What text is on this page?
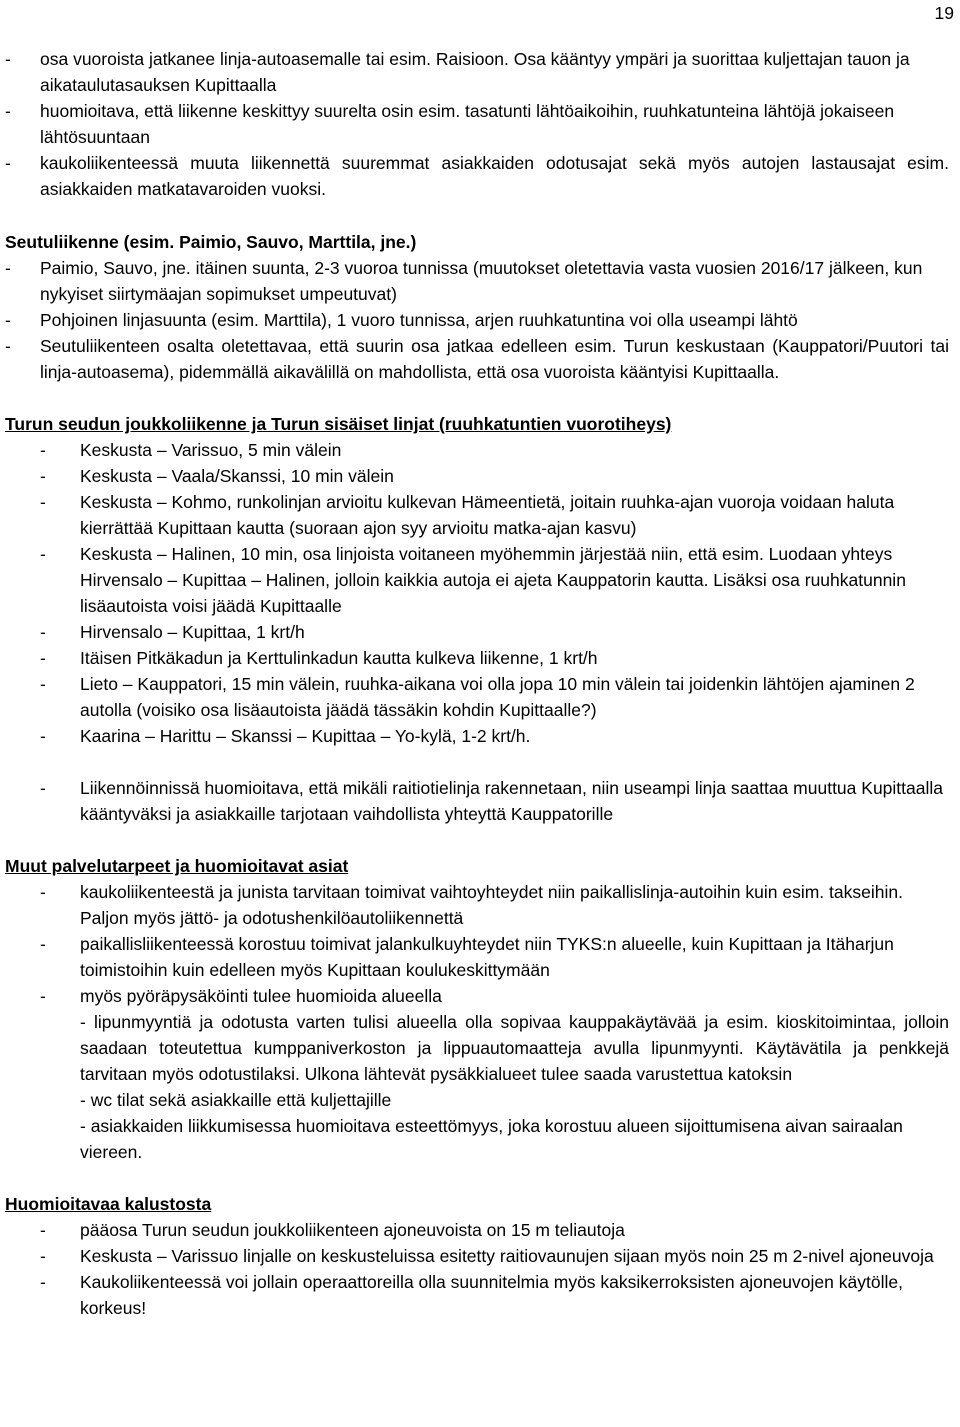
19
- osa vuoroista jatkanee linja-autoasemalle tai esim. Raisioon. Osa kääntyy ympäri ja suorittaa kuljettajan tauon ja aikataulutasauksen Kupittaalla
- huomioitava, että liikenne keskittyy suurelta osin esim. tasatunti lähtöaikoihin, ruuhkatunteina lähtöjä jokaiseen lähtösuuntaan
- kaukoliikenteessä muuta liikennettä suuremmat asiakkaiden odotusajat sekä myös autojen lastausajat esim. asiakkaiden matkatavaroiden vuoksi.

Seutuliikenne (esim. Paimio, Sauvo, Marttila, jne.)

- Paimio, Sauvo, jne. itäinen suunta, 2-3 vuoroa tunnissa (muutokset oletettavia vasta vuosien 2016/17 jälkeen, kun nykyiset siirtymäajan sopimukset umpeutuvat)
- Pohjoinen linjasuunta (esim. Marttila), 1 vuoro tunnissa, arjen ruuhkatuntina voi olla useampi lähtö
- Seutuliikenteen osalta oletettavaa, että suurin osa jatkaa edelleen esim. Turun keskustaan (Kauppatori/Puutori tai linja-autoasema), pidemmällä aikavälillä on mahdollista, että osa vuoroista kääntyisi Kupittaalla.

Turun seudun joukkoliikenne ja Turun sisäiset linjat (ruuhkatuntien vuorotiheys)

- Keskusta – Varissuo, 5 min välein
- Keskusta – Vaala/Skanssi, 10 min välein
- Keskusta – Kohmo, runkolinjan arvioitu kulkevan Hämeentietä, joitain ruuhka-ajan vuoroja voidaan haluta kierrättää Kupittaan kautta (suoraan ajon syy arvioitu matka-ajan kasvu)
- Keskusta – Halinen, 10 min, osa linjoista voitaneen myöhemmin järjestää niin, että esim. Luodaan yhteys Hirvensalo – Kupittaa – Halinen, jolloin kaikkia autoja ei ajeta Kauppatorin kautta. Lisäksi osa ruuhkatunnin lisäautoista voisi jäädä Kupittaalle
- Hirvensalo – Kupittaa, 1 krt/h
- Itäisen Pitkäkadun ja Kerttulinkadun kautta kulkeva liikenne, 1 krt/h
- Lieto – Kauppatori, 15 min välein, ruuhka-aikana voi olla jopa 10 min välein tai joidenkin lähtöjen ajaminen 2 autolla (voisiko osa lisäautoista jäädä tässäkin kohdin Kupittaalle?)
- Kaarina – Harittu – Skanssi – Kupittaa – Yo-kylä, 1-2 krt/h.
- Liikennöinnissä huomioitava, että mikäli raitiotielinja rakennetaan, niin useampi linja saattaa muuttua Kupittaalla kääntyväksi ja asiakkaille tarjotaan vaihdollista yhteyttä Kauppatorille

Muut palvelutarpeet ja huomioitavat asiat

- kaukoliikenteestä ja junista tarvitaan toimivat vaihtoyhteydet niin paikallislinja-autoihin kuin esim. takseihin. Paljon myös jättö- ja odotushenkilöautoliikennettä
- paikallisliikenteessä korostuu toimivat jalankulkuyhteydet niin TYKS:n alueelle, kuin Kupittaan ja Itäharjun toimistoihin kuin edelleen myös Kupittaan koulukeskittymään
- myös pyöräpysäköinti tulee huomioida alueella
- lipunmyyntiä ja odotusta varten tulisi alueella olla sopivaa kauppakäytävää ja esim. kioskitoimintaa, jolloin saadaan toteutettua kumppaniverkoston ja lippuautomaatteja avulla lipunmyynti. Käytävätila ja penkkejä tarvitaan myös odotustilaksi. Ulkona lähtevät pysäkkialueet tulee saada varustettua katoksin
- wc tilat sekä asiakkaille että kuljettajille
- asiakkaiden liikkumisessa huomioitava esteettömyys, joka korostuu alueen sijoittumisena aivan sairaalan viereen.

Huomioitavaa kalustosta

- pääosa Turun seudun joukkoliikenteen ajoneuvoista on 15 m teliautoja
- Keskusta – Varissuo linjalle on keskusteluissa esitetty raitiovaunujen sijaan myös noin 25 m 2-nivel ajoneuvoja
- Kaukoliikenteessä voi jollain operaattoreilla olla suunnitelmia myös kaksikerroksisten ajoneuvojen käytölle, korkeus!
